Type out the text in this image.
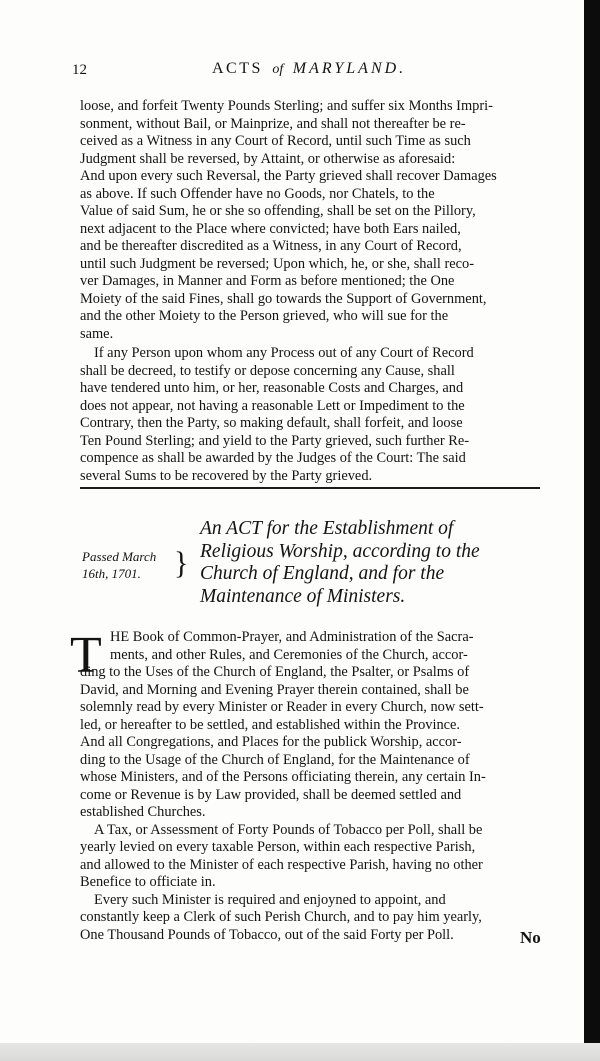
12	ACTS of MARYLAND.

loose, and forfeit Twenty Pounds Sterling; and suffer six Months Impri-

sonment, without Bail, or Mainprize, and shall not thereafter be re-

ceived as a Witness in any Court of Record, until such Time as such

Judgment shall be reversed, by Attaint, or otherwise as aforesaid:

And upon every such Reversal, the Party grieved shall recover Damages

as above. If such Offender have no Goods, nor Chatels, to the

Value of said Sum, he or she so offending, shall be set on the Pillory,

next adjacent to the Place where convicted; have both Ears nailed,

and be thereafter discredited as a Witness, in any Court of Record,

until such Judgment be reversed; Upon which, he, or she, shall reco-

ver Damages, in Manner and Form as before mentioned; the One

Moiety of the said Fines, shall go towards the Support of Government,

and the other Moiety to the Person grieved, who will sue for the

same.

If any Person upon whom any Process out of any Court of Record

shall be decreed, to testify or depose concerning any Cause, shall

have tendered unto him, or her, reasonable Costs and Charges, and

does not appear, not having a reasonable Lett or Impediment to the

Contrary, then the Party, so making default, shall forfeit, and loose

Ten Pound Sterling; and yield to the Party grieved, such further Re-

compence as shall be awarded by the Judges of the Court: The said

several Sums to be recovered by the Party grieved.

An ACT for the Establishment of
Religious Worship, according to the
Church of England, and for the
Maintenance of Ministers.
Passed March
16th, 1701.	}
T HE Book of Common-Prayer, and Administration of the Sacra-

ments, and other Rules, and Ceremonies of the Church, accor-

ding to the Uses of the Church of England, the Psalter, or Psalms of

David, and Morning and Evening Prayer therein contained, shall be

solemnly read by every Minister or Reader in every Church, now sett-

led, or hereafter to be settled, and established within the Province.

And all Congregations, and Places for the publick Worship, accor-

ding to the Usage of the Church of England, for the Maintenance of

whose Ministers, and of the Persons officiating therein, any certain In-

come or Revenue is by Law provided, shall be deemed settled and

established Churches.

A Tax, or Assessment of Forty Pounds of Tobacco per Poll, shall be

yearly levied on every taxable Person, within each respective Parish,

and allowed to the Minister of each respective Parish, having no other

Benefice to officiate in.

Every such Minister is required and enjoyned to appoint, and

constantly keep a Clerk of such Perish Church, and to pay him yearly,

One Thousand Pounds of Tobacco, out of the said Forty per Poll.	No
